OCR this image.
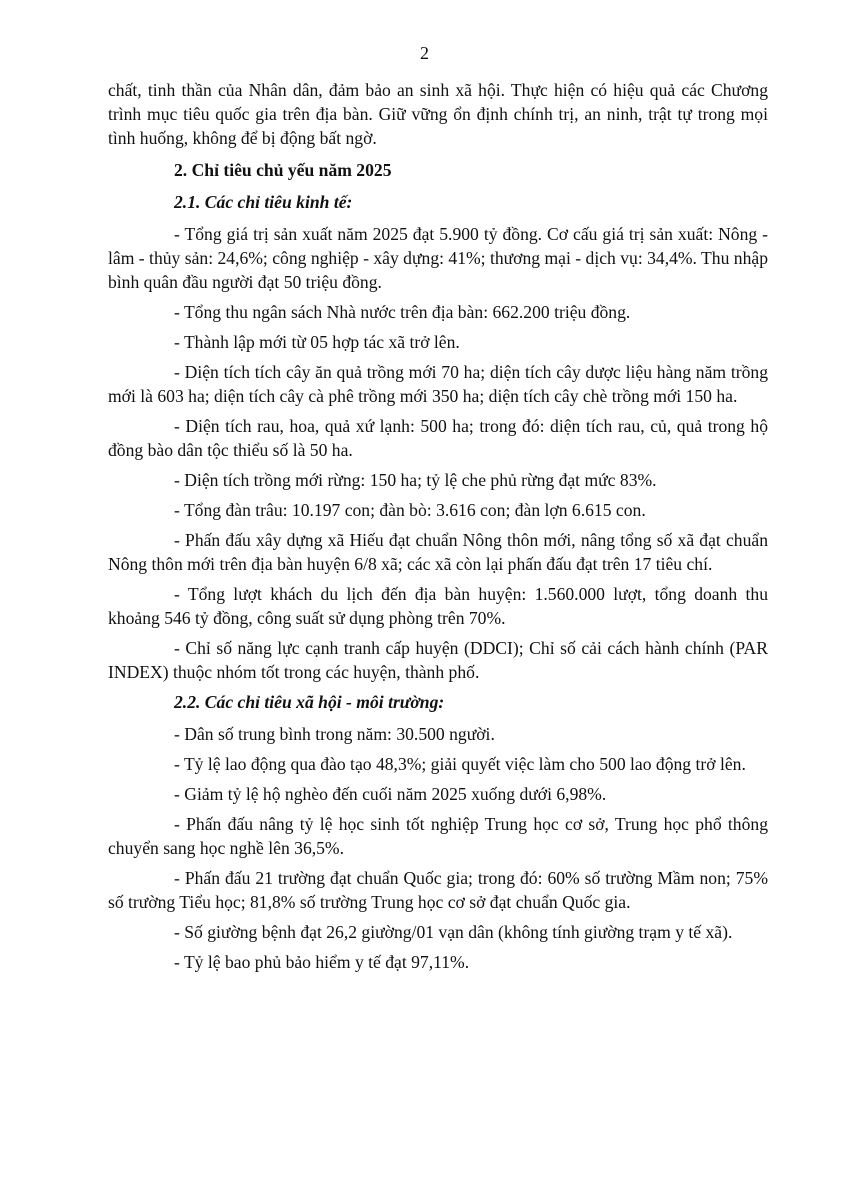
2

chất, tinh thần của Nhân dân, đảm bảo an sinh xã hội. Thực hiện có hiệu quả các Chương trình mục tiêu quốc gia trên địa bàn. Giữ vững ổn định chính trị, an ninh, trật tự trong mọi tình huống, không để bị động bất ngờ.

2. Chỉ tiêu chủ yếu năm 2025

2.1. Các chỉ tiêu kinh tế:

- Tổng giá trị sản xuất năm 2025 đạt 5.900 tỷ đồng. Cơ cấu giá trị sản xuất: Nông - lâm - thủy sản: 24,6%; công nghiệp - xây dựng: 41%; thương mại - dịch vụ: 34,4%. Thu nhập bình quân đầu người đạt 50 triệu đồng.

- Tổng thu ngân sách Nhà nước trên địa bàn: 662.200 triệu đồng.

- Thành lập mới từ 05 hợp tác xã trở lên.

- Diện tích tích cây ăn quả trồng mới 70 ha; diện tích cây dược liệu hàng năm trồng mới là 603 ha; diện tích cây cà phê trồng mới 350 ha; diện tích cây chè trồng mới 150 ha.

- Diện tích rau, hoa, quả xứ lạnh: 500 ha; trong đó: diện tích rau, củ, quả trong hộ đồng bào dân tộc thiểu số là 50 ha.

- Diện tích trồng mới rừng: 150 ha; tỷ lệ che phủ rừng đạt mức 83%.

- Tổng đàn trâu: 10.197 con; đàn bò: 3.616 con; đàn lợn 6.615 con.

- Phấn đấu xây dựng xã Hiếu đạt chuẩn Nông thôn mới, nâng tổng số xã đạt chuẩn Nông thôn mới trên địa bàn huyện 6/8 xã; các xã còn lại phấn đấu đạt trên 17 tiêu chí.

- Tổng lượt khách du lịch đến địa bàn huyện: 1.560.000 lượt, tổng doanh thu khoảng 546 tỷ đồng, công suất sử dụng phòng trên 70%.

- Chỉ số năng lực cạnh tranh cấp huyện (DDCI); Chỉ số cải cách hành chính (PAR INDEX) thuộc nhóm tốt trong các huyện, thành phố.

2.2. Các chỉ tiêu xã hội - môi trường:

- Dân số trung bình trong năm: 30.500 người.

- Tỷ lệ lao động qua đào tạo 48,3%; giải quyết việc làm cho 500 lao động trở lên.

- Giảm tỷ lệ hộ nghèo đến cuối năm 2025 xuống dưới 6,98%.

- Phấn đấu nâng tỷ lệ học sinh tốt nghiệp Trung học cơ sở, Trung học phổ thông chuyển sang học nghề lên 36,5%.

- Phấn đấu 21 trường đạt chuẩn Quốc gia; trong đó: 60% số trường Mầm non; 75% số trường Tiểu học; 81,8% số trường Trung học cơ sở đạt chuẩn Quốc gia.

- Số giường bệnh đạt 26,2 giường/01 vạn dân (không tính giường trạm y tế xã).

- Tỷ lệ bao phủ bảo hiểm y tế đạt 97,11%.
